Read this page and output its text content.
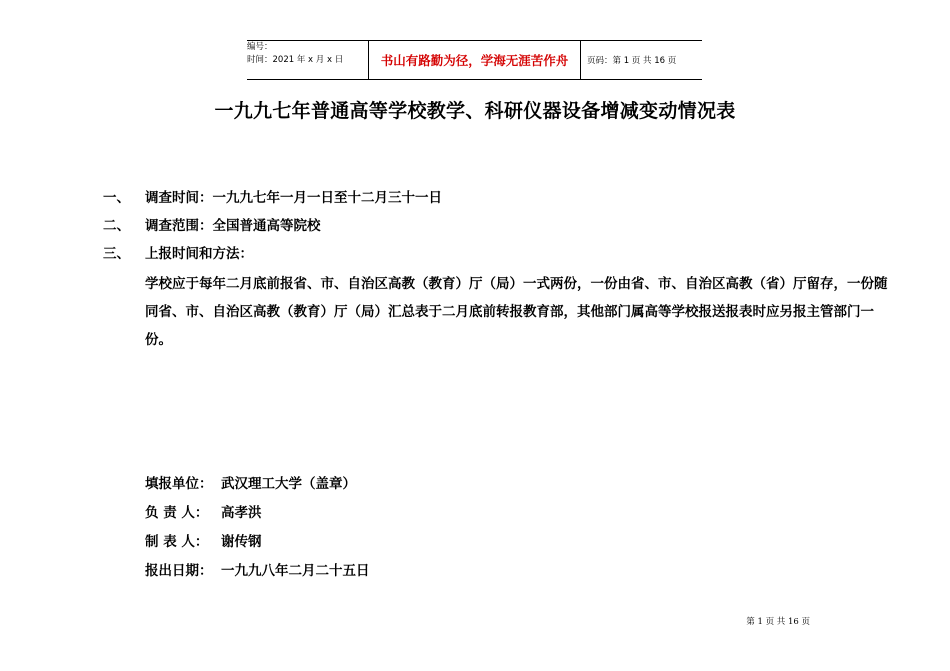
编号：
时间：2021 年 x 月 x 日	书山有路勤为径，学海无涯苦作舟	页码：第 1 页 共 16 页
一九九七年普通高等学校教学、科研仪器设备增减变动情况表
一、 调查时间：一九九七年一月一日至十二月三十一日
二、 调查范围：全国普通高等院校
三、 上报时间和方法：
学校应于每年二月底前报省、市、自治区高教（教育）厅（局）一式两份，一份由省、市、自治区高教（省）厅留存，一份随同省、市、自治区高教（教育）厅（局）汇总表于二月底前转报教育部，其他部门属高等学校报送报表时应另报主管部门一份。
填报单位： 武汉理工大学（盖章）
负 责 人： 高孝洪
制 表 人： 谢传钢
报出日期： 一九九八年二月二十五日
第 1 页 共 16 页
